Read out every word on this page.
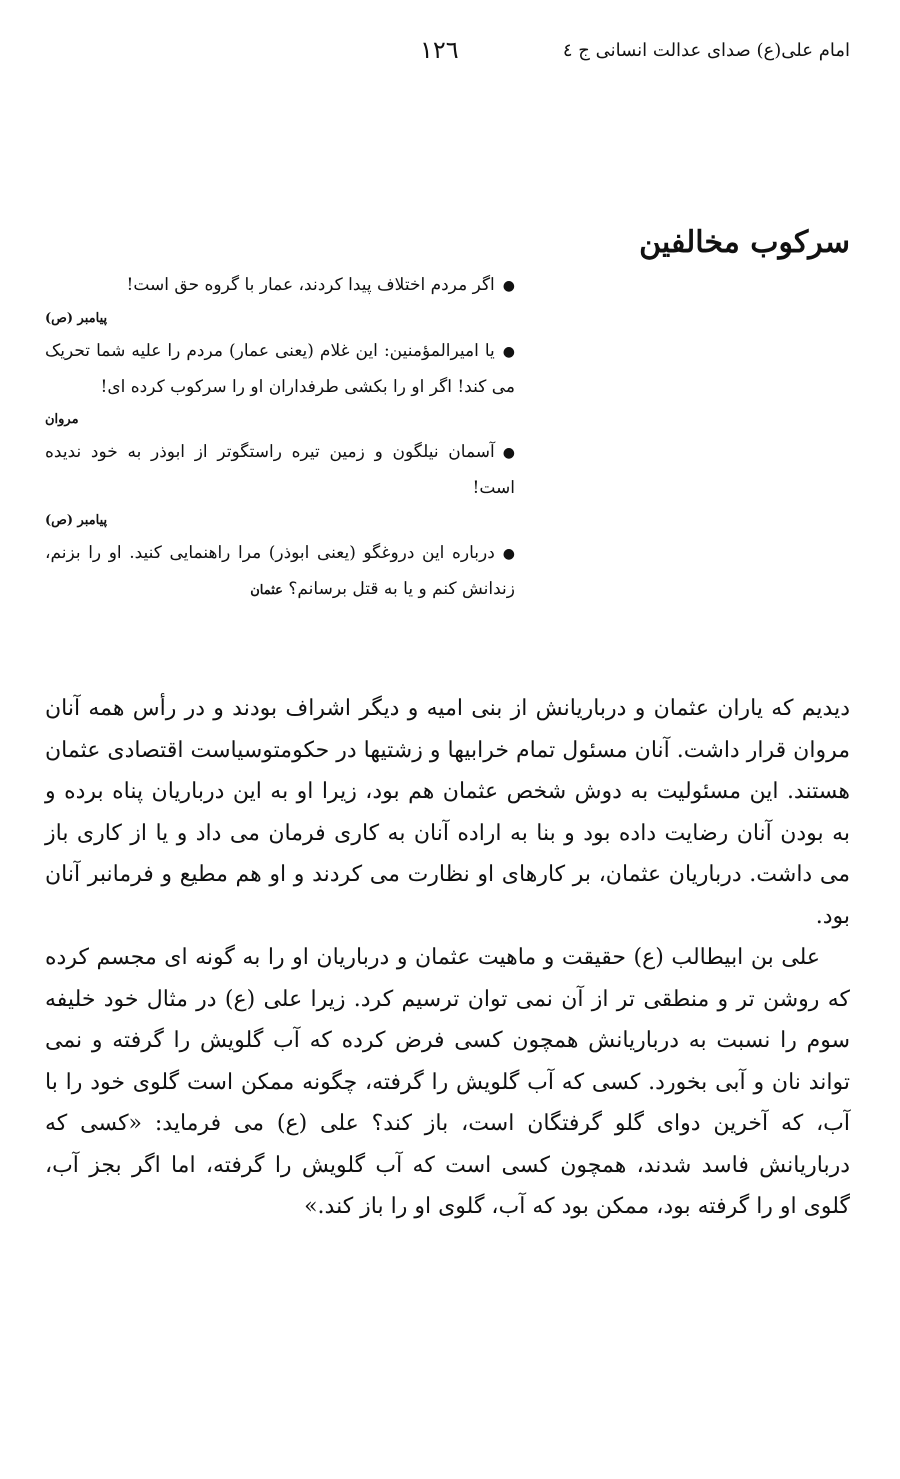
امام علی(ع) صدای عدالت انسانی ج ٤
۱۲٦
سرکوب مخالفین

●اگر مردم اختلاف پیدا کردند، عمار با گروه حق است!

پیامبر (ص)

●یا امیرالمؤمنین: این غلام (یعنی عمار) مردم را علیه شما تحریک می کند! اگر او را بکشی طرفداران او را سرکوب کرده ای!

مروان

●آسمان نیلگون و زمین تیره راستگوتر از ابوذر به خود ندیده است!

پیامبر (ص)

●درباره این دروغگو (یعنی ابوذر) مرا راهنمایی کنید. او را بزنم، زندانش کنم و یا به قتل برسانم؟ عثمان

دیدیم که یاران عثمان و درباریانش از بنی امیه و دیگر اشراف بودند و در رأس همه آنان مروان قرار داشت. آنان مسئول تمام خرابیها و زشتیها در حکومتوسیاست اقتصادی عثمان هستند. این مسئولیت به دوش شخص عثمان هم بود، زیرا او به این درباریان پناه برده و به بودن آنان رضایت داده بود و بنا به اراده آنان به کاری فرمان می داد و یا از کاری باز می داشت. درباریان عثمان، بر کارهای او نظارت می کردند و او هم مطیع و فرمانبر آنان بود.

علی بن ابیطالب (ع) حقیقت و ماهیت عثمان و درباریان او را به گونه ای مجسم کرده که روشن تر و منطقی تر از آن نمی توان ترسیم کرد. زیرا علی (ع) در مثال خود خلیفه سوم را نسبت به درباریانش همچون کسی فرض کرده که آب گلویش را گرفته و نمی تواند نان و آبی بخورد. کسی که آب گلویش را گرفته، چگونه ممکن است گلوی خود را با آب، که آخرین دوای گلو گرفتگان است، باز کند؟ علی (ع) می فرماید: «کسی که درباریانش فاسد شدند، همچون کسی است که آب گلویش را گرفته، اما اگر بجز آب، گلوی او را گرفته بود، ممکن بود که آب، گلوی او را باز کند.»
